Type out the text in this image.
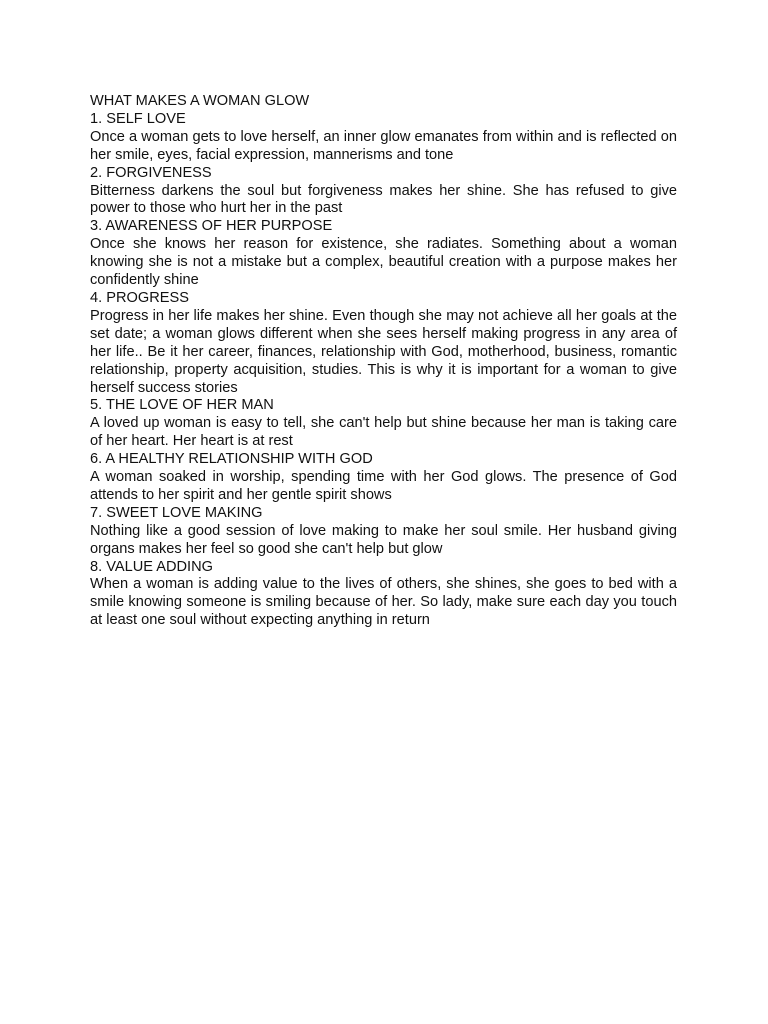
WHAT MAKES A WOMAN GLOW

1. SELF LOVE

Once a woman gets to love herself, an inner glow emanates from within and is reflected on her smile, eyes, facial expression, mannerisms and tone

2. FORGIVENESS

Bitterness darkens the soul but forgiveness makes her shine. She has refused to give power to those who hurt her in the past

3. AWARENESS OF HER PURPOSE

Once she knows her reason for existence, she radiates. Something about a woman knowing she is not a mistake but a complex, beautiful creation with a purpose makes her confidently shine

4. PROGRESS

Progress in her life makes her shine. Even though she may not achieve all her goals at the set date; a woman glows different when she sees herself making progress in any area of her life.. Be it her career, finances, relationship with God, motherhood, business, romantic relationship, property acquisition, studies. This is why it is important for a woman to give herself success stories

5. THE LOVE OF HER MAN

A loved up woman is easy to tell, she can't help but shine because her man is taking care of her heart. Her heart is at rest

6. A HEALTHY RELATIONSHIP WITH GOD

A woman soaked in worship, spending time with her God glows. The presence of God attends to her spirit and her gentle spirit shows

7. SWEET LOVE MAKING

Nothing like a good session of love making to make her soul smile. Her husband giving organs makes her feel so good she can't help but glow

8. VALUE ADDING

When a woman is adding value to the lives of others, she shines, she goes to bed with a smile knowing someone is smiling because of her. So lady, make sure each day you touch at least one soul without expecting anything in return
